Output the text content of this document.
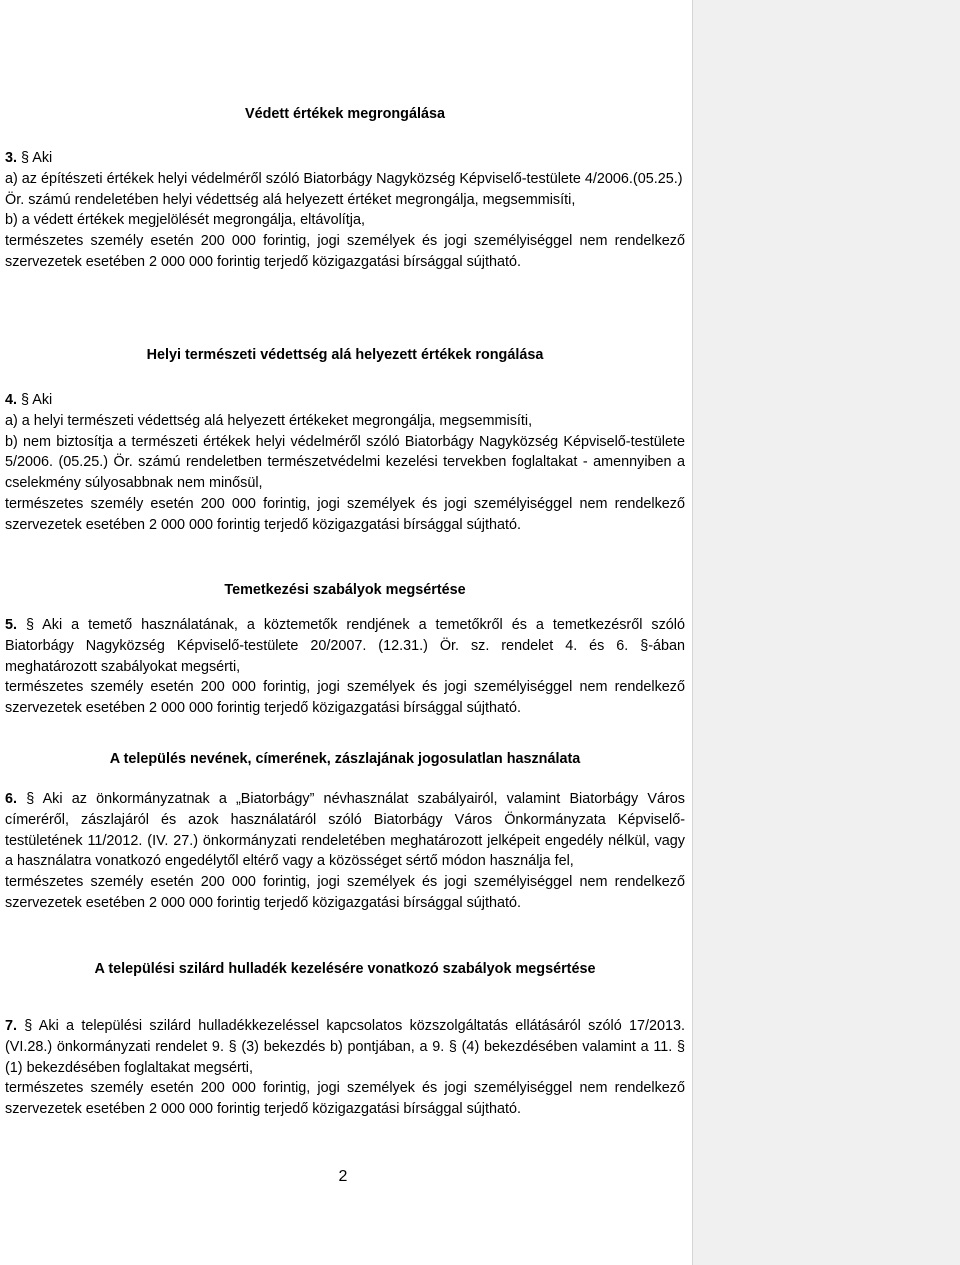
Védett értékek megrongálása

3. § Aki

a) az építészeti értékek helyi védelméről szóló Biatorbágy Nagyközség Képviselő-testülete 4/2006.(05.25.) Ör. számú rendeletében helyi védettség alá helyezett értéket megrongálja, megsemmisíti,

b) a védett értékek megjelölését megrongálja, eltávolítja,

természetes személy esetén 200 000 forintig, jogi személyek és jogi személyiséggel nem rendelkező szervezetek esetében 2 000 000 forintig terjedő közigazgatási bírsággal sújtható.

Helyi természeti védettség alá helyezett értékek rongálása

4. § Aki

a) a helyi természeti védettség alá helyezett értékeket megrongálja, megsemmisíti,

b) nem biztosítja a természeti értékek helyi védelméről szóló Biatorbágy Nagyközség Képviselő-testülete 5/2006. (05.25.) Ör. számú rendeletben természetvédelmi kezelési tervekben foglaltakat - amennyiben a cselekmény súlyosabbnak nem minősül,

természetes személy esetén 200 000 forintig, jogi személyek és jogi személyiséggel nem rendelkező szervezetek esetében 2 000 000 forintig terjedő közigazgatási bírsággal sújtható.

Temetkezési szabályok megsértése

5. § Aki a temető használatának, a köztemetők rendjének a temetőkről és a temetkezésről szóló Biatorbágy Nagyközség Képviselő-testülete 20/2007. (12.31.) Ör. sz. rendelet 4. és 6. §-ában meghatározott szabályokat megsérti,

természetes személy esetén 200 000 forintig, jogi személyek és jogi személyiséggel nem rendelkező szervezetek esetében 2 000 000 forintig terjedő közigazgatási bírsággal sújtható.

A település nevének, címerének, zászlajának jogosulatlan használata

6. § Aki az önkormányzatnak a „Biatorbágy” névhasználat szabályairól, valamint Biatorbágy Város címeréről, zászlajáról és azok használatáról szóló Biatorbágy Város Önkormányzata Képviselő-testületének 11/2012. (IV. 27.) önkormányzati rendeletében meghatározott jelképeit engedély nélkül, vagy a használatra vonatkozó engedélytől eltérő vagy a közösséget sértő módon használja fel,

természetes személy esetén 200 000 forintig, jogi személyek és jogi személyiséggel nem rendelkező szervezetek esetében 2 000 000 forintig terjedő közigazgatási bírsággal sújtható.

A települési szilárd hulladék kezelésére vonatkozó szabályok megsértése

7. § Aki a települési szilárd hulladékkezeléssel kapcsolatos közszolgáltatás ellátásáról szóló 17/2013. (VI.28.) önkormányzati rendelet 9. § (3) bekezdés b) pontjában, a 9. § (4) bekezdésében valamint a 11. § (1) bekezdésében foglaltakat megsérti,

természetes személy esetén 200 000 forintig, jogi személyek és jogi személyiséggel nem rendelkező szervezetek esetében 2 000 000 forintig terjedő közigazgatási bírsággal sújtható.

2
